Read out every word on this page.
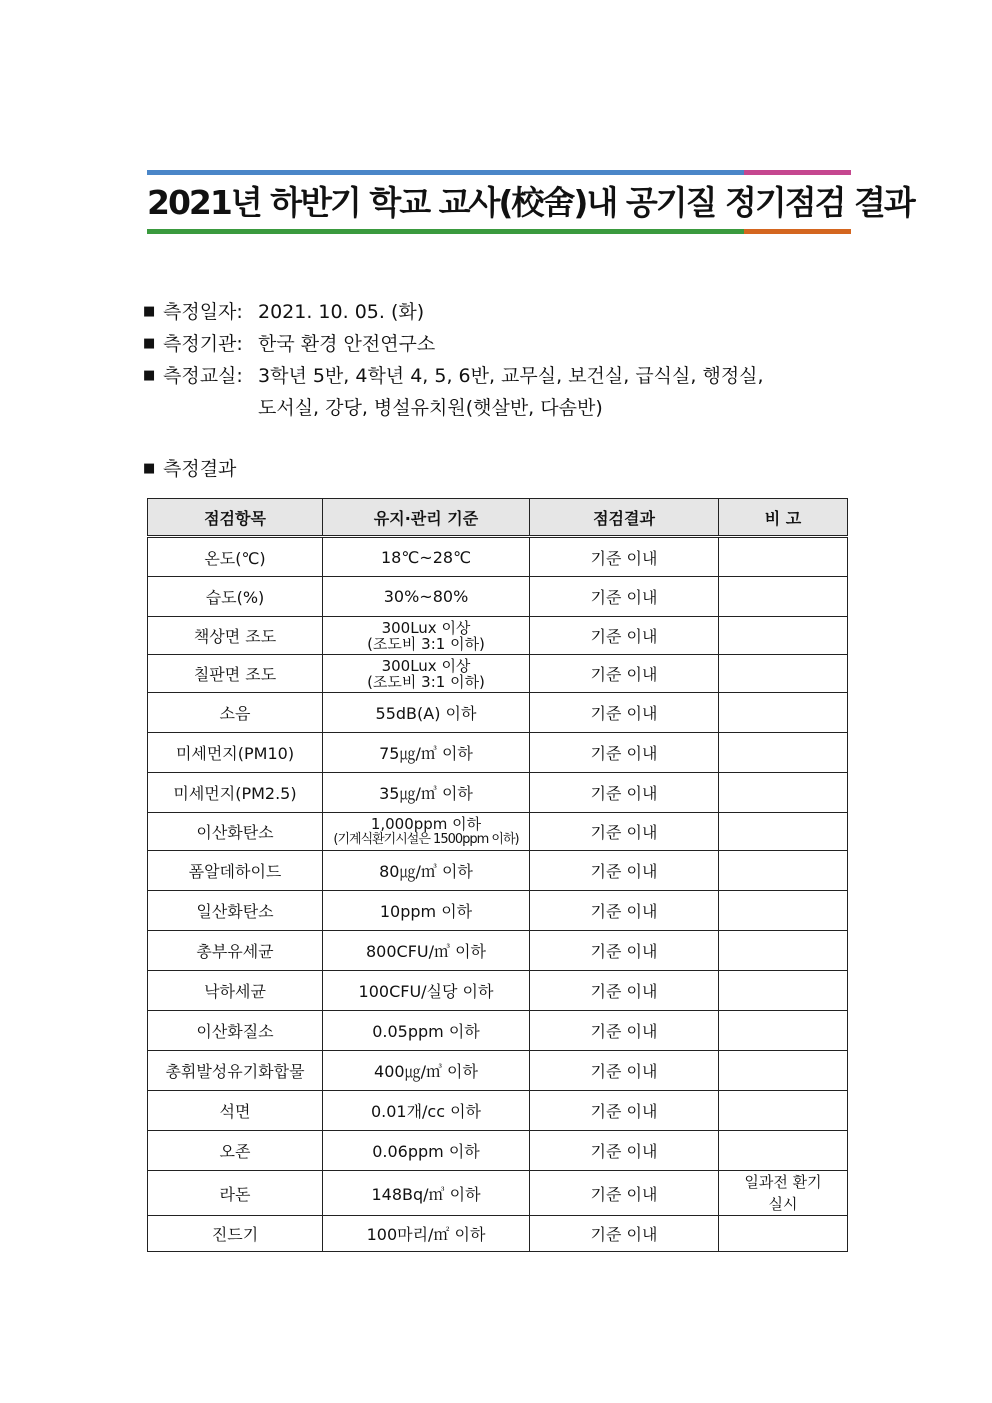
2021년 하반기 학교 교사(校舍)내 공기질 정기점검 결과
■ 측정일자: 2021. 10. 05. (화)
■ 측정기관: 한국 환경 안전연구소
■ 측정교실: 3학년 5반, 4학년 4, 5, 6반, 교무실, 보건실, 급식실, 행정실,
도서실, 강당, 병설유치원(햇살반, 다솜반)
■ 측정결과
점검항목	유지·관리 기준	점검결과	비 고
온도(℃)	18℃~28℃	기준 이내	
습도(%)	30%~80%	기준 이내	
책상면 조도	300Lux 이상
(조도비 3:1 이하)	기준 이내	
칠판면 조도	300Lux 이상
(조도비 3:1 이하)	기준 이내	
소음	55dB(A) 이하	기준 이내	
미세먼지(PM10)	75㎍/㎥ 이하	기준 이내	
미세먼지(PM2.5)	35㎍/㎥ 이하	기준 이내	
이산화탄소	1,000ppm 이하
(기계식환기시설은 1500ppm 이하)	기준 이내	
폼알데하이드	80㎍/㎥ 이하	기준 이내	
일산화탄소	10ppm 이하	기준 이내	
총부유세균	800CFU/㎥ 이하	기준 이내	
낙하세균	100CFU/실당 이하	기준 이내	
이산화질소	0.05ppm 이하	기준 이내	
총휘발성유기화합물	400㎍/㎥ 이하	기준 이내	
석면	0.01개/cc 이하	기준 이내	
오존	0.06ppm 이하	기준 이내	
라돈	148Bq/㎥ 이하	기준 이내	일과전 환기
실시

진드기	100마리/㎡ 이하	기준 이내	
